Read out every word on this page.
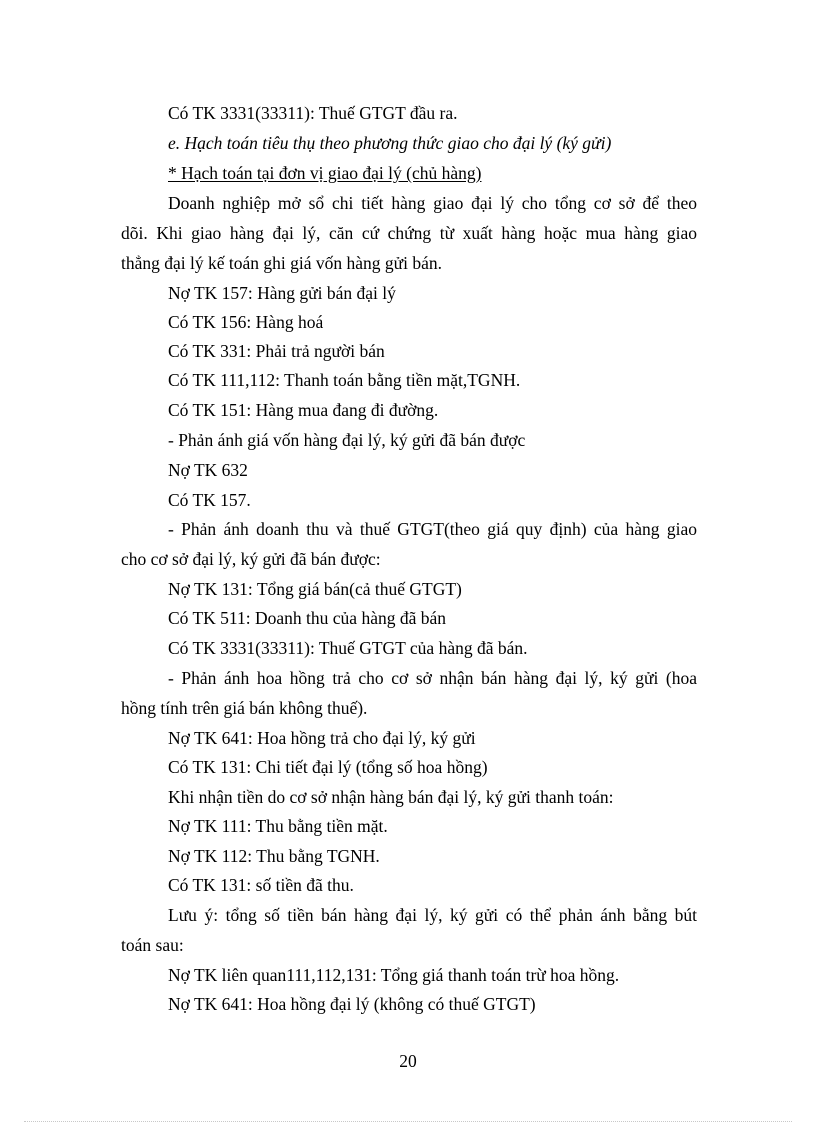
Có TK 3331(33311): Thuế GTGT đầu ra.
e. Hạch toán tiêu thụ theo phương thức giao cho đại lý (ký gửi)
* Hạch toán tại đơn vị giao đại lý (chủ hàng)
Doanh nghiệp mở sổ chi tiết hàng giao đại lý cho tổng cơ sở để theo
dõi. Khi giao hàng đại lý, căn cứ chứng từ xuất hàng hoặc mua hàng giao
thẳng đại lý kế toán ghi giá vốn hàng gửi bán.
Nợ TK 157: Hàng gửi bán đại lý
Có TK 156: Hàng hoá
Có TK 331: Phải trả người bán
Có TK 111,112: Thanh toán bằng tiền mặt,TGNH.
Có TK 151: Hàng mua đang đi đường.
- Phản ánh giá vốn hàng đại lý, ký gửi đã bán được
Nợ TK 632
Có TK 157.
- Phản ánh doanh thu và thuế GTGT(theo giá quy định) của hàng giao
cho cơ sở đại lý, ký gửi đã bán được:
Nợ TK 131: Tổng giá bán(cả thuế GTGT)
Có TK 511: Doanh thu của hàng đã bán
Có TK 3331(33311): Thuế GTGT của hàng đã bán.
- Phản ánh hoa hồng trả cho cơ sở nhận bán hàng đại lý, ký gửi (hoa
hồng tính trên giá bán không thuế).
Nợ TK 641: Hoa hồng trả cho đại lý, ký gửi
Có TK 131: Chi tiết đại lý (tổng số hoa hồng)
Khi nhận tiền do cơ sở nhận hàng bán đại lý, ký gửi thanh toán:
Nợ TK 111: Thu bằng tiền mặt.
Nợ TK 112: Thu bằng TGNH.
Có TK 131: số tiền đã thu.
Lưu ý: tổng số tiền bán hàng đại lý, ký gửi có thể phản ánh bằng bút
toán sau:
Nợ TK liên quan111,112,131: Tổng giá thanh toán trừ hoa hồng.
Nợ TK 641: Hoa hồng đại lý (không có thuế GTGT)
20
